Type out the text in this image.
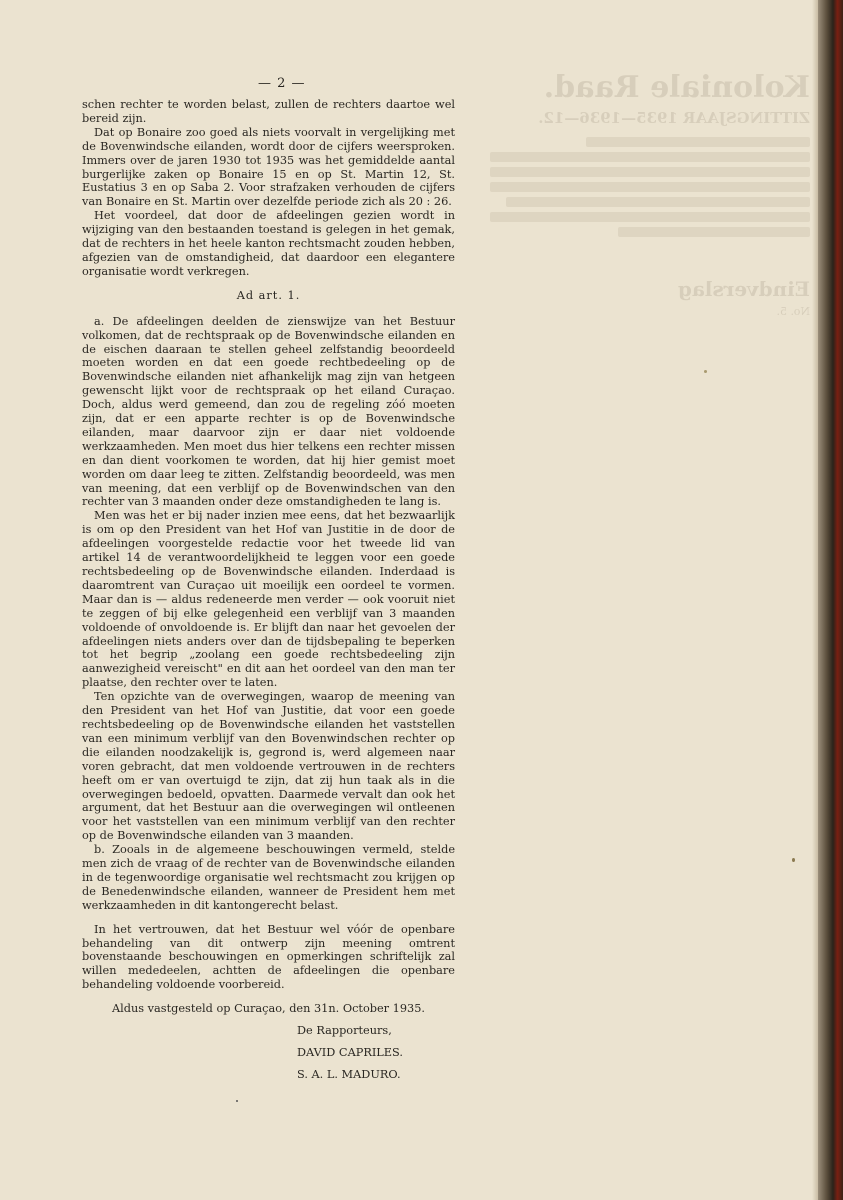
Koloniale Raad.
ZITTINGSJAAR 1935—1936—12.
Eindverslag
No. 5.
— 2 —

schen rechter te worden belast, zullen de rechters daartoe wel bereid zijn.

Dat op Bonaire zoo goed als niets voorvalt in vergelijking met de Bovenwindsche eilanden, wordt door de cijfers weersproken. Immers over de jaren 1930 tot 1935 was het gemiddelde aantal burgerlijke zaken op Bonaire 15 en op St. Martin 12, St. Eustatius 3 en op Saba 2. Voor strafzaken verhouden de cijfers van Bonaire en St. Martin over dezelfde periode zich als 20 : 26.

Het voordeel, dat door de afdeelingen gezien wordt in wijziging van den bestaanden toestand is gelegen in het gemak, dat de rechters in het heele kanton rechtsmacht zouden hebben, afgezien van de omstandigheid, dat daardoor een elegantere organisatie wordt verkregen.

Ad art. 1.

a. De afdeelingen deelden de zienswijze van het Bestuur volkomen, dat de rechtspraak op de Bovenwindsche eilanden en de eischen daaraan te stellen geheel zelfstandig beoordeeld moeten worden en dat een goede rechtbedeeling op de Bovenwindsche eilanden niet afhankelijk mag zijn van hetgeen gewenscht lijkt voor de rechtspraak op het eiland Curaçao. Doch, aldus werd gemeend, dan zou de regeling zóó moeten zijn, dat er een apparte rechter is op de Bovenwindsche eilanden, maar daarvoor zijn er daar niet voldoende werkzaamheden. Men moet dus hier telkens een rechter missen en dan dient voorkomen te worden, dat hij hier gemist moet worden om daar leeg te zitten. Zelfstandig beoordeeld, was men van meening, dat een verblijf op de Bovenwindschen van den rechter van 3 maanden onder deze omstandigheden te lang is.

Men was het er bij nader inzien mee eens, dat het bezwaarlijk is om op den President van het Hof van Justitie in de door de afdeelingen voorgestelde redactie voor het tweede lid van artikel 14 de verantwoordelijkheid te leggen voor een goede rechtsbedeeling op de Bovenwindsche eilanden. Inderdaad is daaromtrent van Curaçao uit moeilijk een oordeel te vormen. Maar dan is — aldus redeneerde men verder — ook vooruit niet te zeggen of bij elke gelegenheid een verblijf van 3 maanden voldoende of onvoldoende is. Er blijft dan naar het gevoelen der afdeelingen niets anders over dan de tijdsbepaling te beperken tot het begrip „zoolang een goede rechtsbedeeling zijn aanwezigheid vereischt" en dit aan het oordeel van den man ter plaatse, den rechter over te laten.

Ten opzichte van de overwegingen, waarop de meening van den President van het Hof van Justitie, dat voor een goede rechtsbedeeling op de Bovenwindsche eilanden het vaststellen van een minimum verblijf van den Bovenwindschen rechter op die eilanden noodzakelijk is, gegrond is, werd algemeen naar voren gebracht, dat men voldoende vertrouwen in de rechters heeft om er van overtuigd te zijn, dat zij hun taak als in die overwegingen bedoeld, opvatten. Daarmede vervalt dan ook het argument, dat het Bestuur aan die overwegingen wil ontleenen voor het vaststellen van een minimum verblijf van den rechter op de Bovenwindsche eilanden van 3 maanden.

b. Zooals in de algemeene beschouwingen vermeld, stelde men zich de vraag of de rechter van de Bovenwindsche eilanden in de tegenwoordige organisatie wel rechtsmacht zou krijgen op de Benedenwindsche eilanden, wanneer de President hem met werkzaamheden in dit kantongerecht belast.

In het vertrouwen, dat het Bestuur wel vóór de openbare behandeling van dit ontwerp zijn meening omtrent bovenstaande beschouwingen en opmerkingen schriftelijk zal willen mededeelen, achtten de afdeelingen die openbare behandeling voldoende voorbereid.

Aldus vastgesteld op Curaçao, den 31n. October 1935.

De Rapporteurs,

DAVID CAPRILES.

S. A. L. MADURO.
